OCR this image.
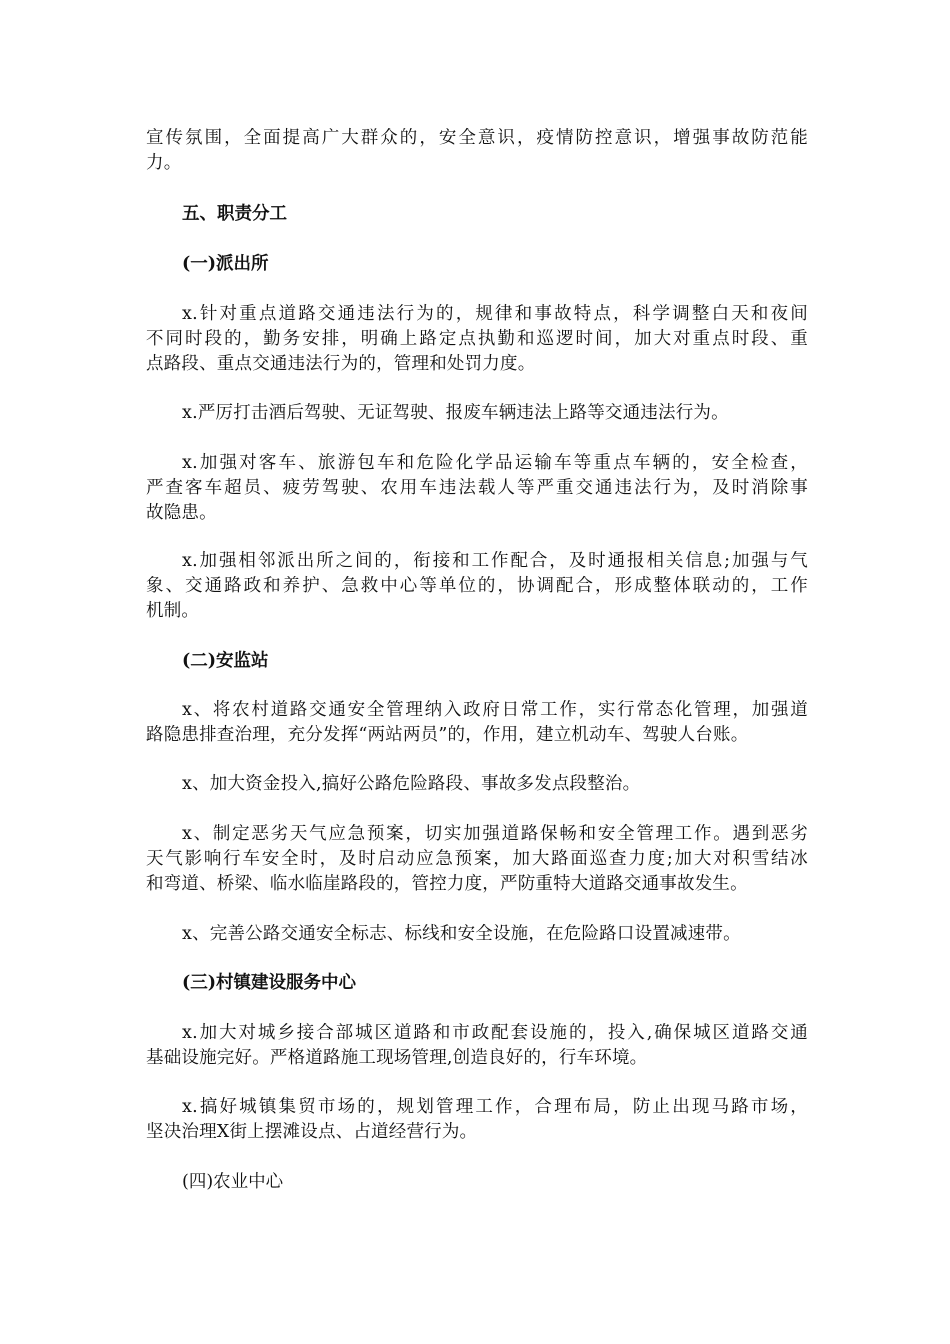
宣传氛围，全面提高广大群众的，安全意识，疫情防控意识，增强事故防范能
力。
五、职责分工
(一)派出所
x.针对重点道路交通违法行为的，规律和事故特点，科学调整白天和夜间
不同时段的，勤务安排，明确上路定点执勤和巡逻时间，加大对重点时段、重
点路段、重点交通违法行为的，管理和处罚力度。
x.严厉打击酒后驾驶、无证驾驶、报废车辆违法上路等交通违法行为。
x.加强对客车、旅游包车和危险化学品运输车等重点车辆的，安全检查，
严查客车超员、疲劳驾驶、农用车违法载人等严重交通违法行为，及时消除事
故隐患。
x.加强相邻派出所之间的，衔接和工作配合，及时通报相关信息;加强与气
象、交通路政和养护、急救中心等单位的，协调配合，形成整体联动的，工作
机制。
(二)安监站
x、将农村道路交通安全管理纳入政府日常工作，实行常态化管理，加强道
路隐患排查治理，充分发挥“两站两员”的，作用，建立机动车、驾驶人台账。
x、加大资金投入,搞好公路危险路段、事故多发点段整治。
x、制定恶劣天气应急预案，切实加强道路保畅和安全管理工作。遇到恶劣
天气影响行车安全时，及时启动应急预案，加大路面巡查力度;加大对积雪结冰
和弯道、桥梁、临水临崖路段的，管控力度，严防重特大道路交通事故发生。
x、完善公路交通安全标志、标线和安全设施，在危险路口设置减速带。
(三)村镇建设服务中心
x.加大对城乡接合部城区道路和市政配套设施的，投入,确保城区道路交通
基础设施完好。严格道路施工现场管理,创造良好的，行车环境。
x.搞好城镇集贸市场的，规划管理工作，合理布局，防止出现马路市场，
坚决治理X街上摆滩设点、占道经营行为。
(四)农业中心
